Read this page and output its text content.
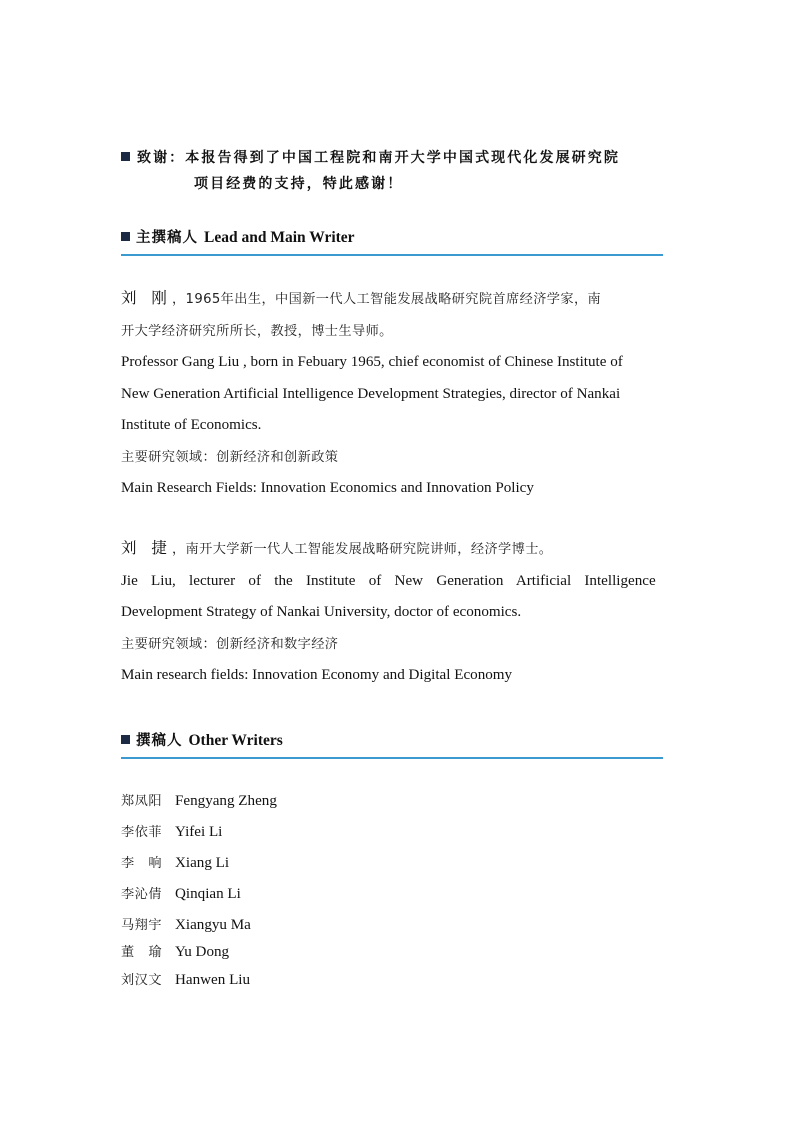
致谢：本报告得到了中国工程院和南开大学中国式现代化发展研究院
项目经费的支持，特此感谢！
主撰稿人 Lead and Main Writer

刘 刚，1965年出生，中国新一代人工智能发展战略研究院首席经济学家，南

开大学经济研究所所长，教授，博士生导师。

Professor Gang Liu , born in Febuary 1965, chief economist of Chinese Institute of

New Generation Artificial Intelligence Development Strategies, director of Nankai

Institute of Economics.

主要研究领域：创新经济和创新政策

Main Research Fields: Innovation Economics and Innovation Policy

刘 捷，南开大学新一代人工智能发展战略研究院讲师，经济学博士。

Jie Liu, lecturer of the Institute of New Generation Artificial Intelligence

Development Strategy of Nankai University, doctor of economics.

主要研究领域：创新经济和数字经济

Main research fields: Innovation Economy and Digital Economy

撰稿人 Other Writers
郑凤阳 Fengyang Zheng
李依菲 Yifei Li
李　响 Xiang Li
李沁倩 Qinqian Li
马翔宇 Xiangyu Ma
董　瑜 Yu Dong
刘汉文 Hanwen Liu
